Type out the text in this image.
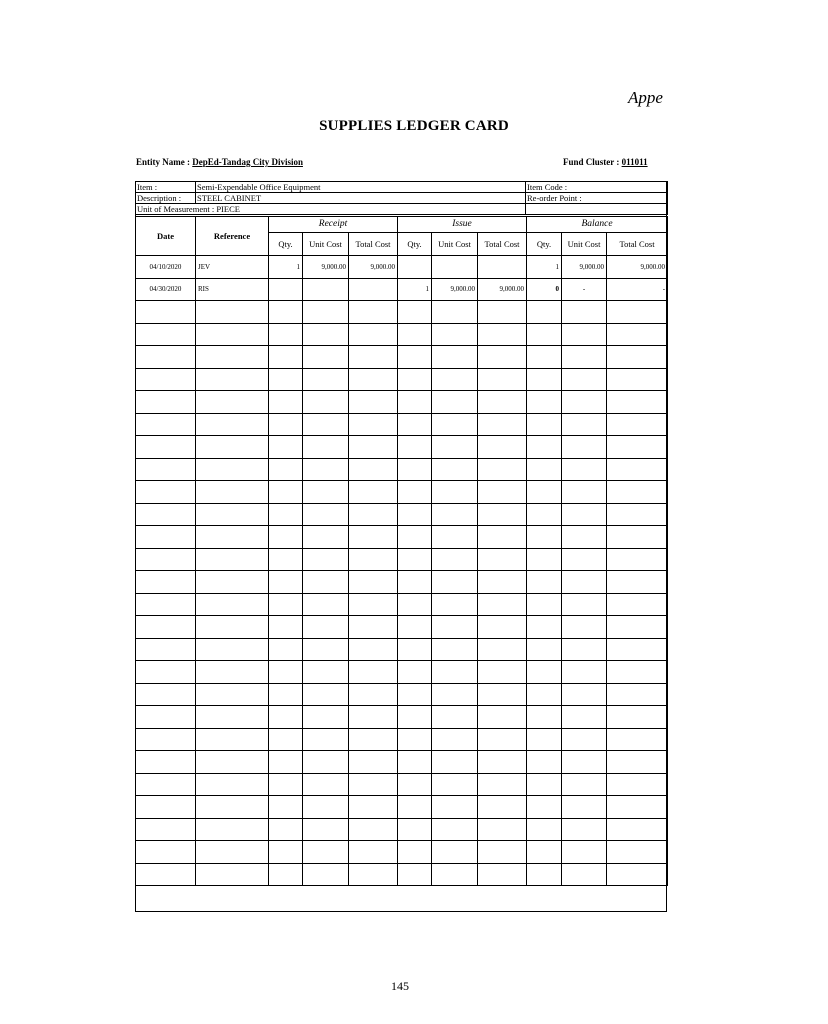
Appe
SUPPLIES LEDGER CARD
Entity Name : DepEd-Tandag City Division	Fund Cluster : 011011
Item :	Semi-Expendable Office Equipment	Item Code :
Description :	STEEL CABINET	Re-order Point :
Unit of Measurement : PIECE		
Date	Reference	Receipt			Issue			Balance		
		Qty.	Unit Cost	Total Cost	Qty.	Unit Cost	Total Cost	Qty.	Unit Cost	Total Cost
04/10/2020	JEV	1	9,000.00	9,000.00				1	9,000.00	9,000.00
04/30/2020	RIS				1	9,000.00	9,000.00	0	-	-

145
